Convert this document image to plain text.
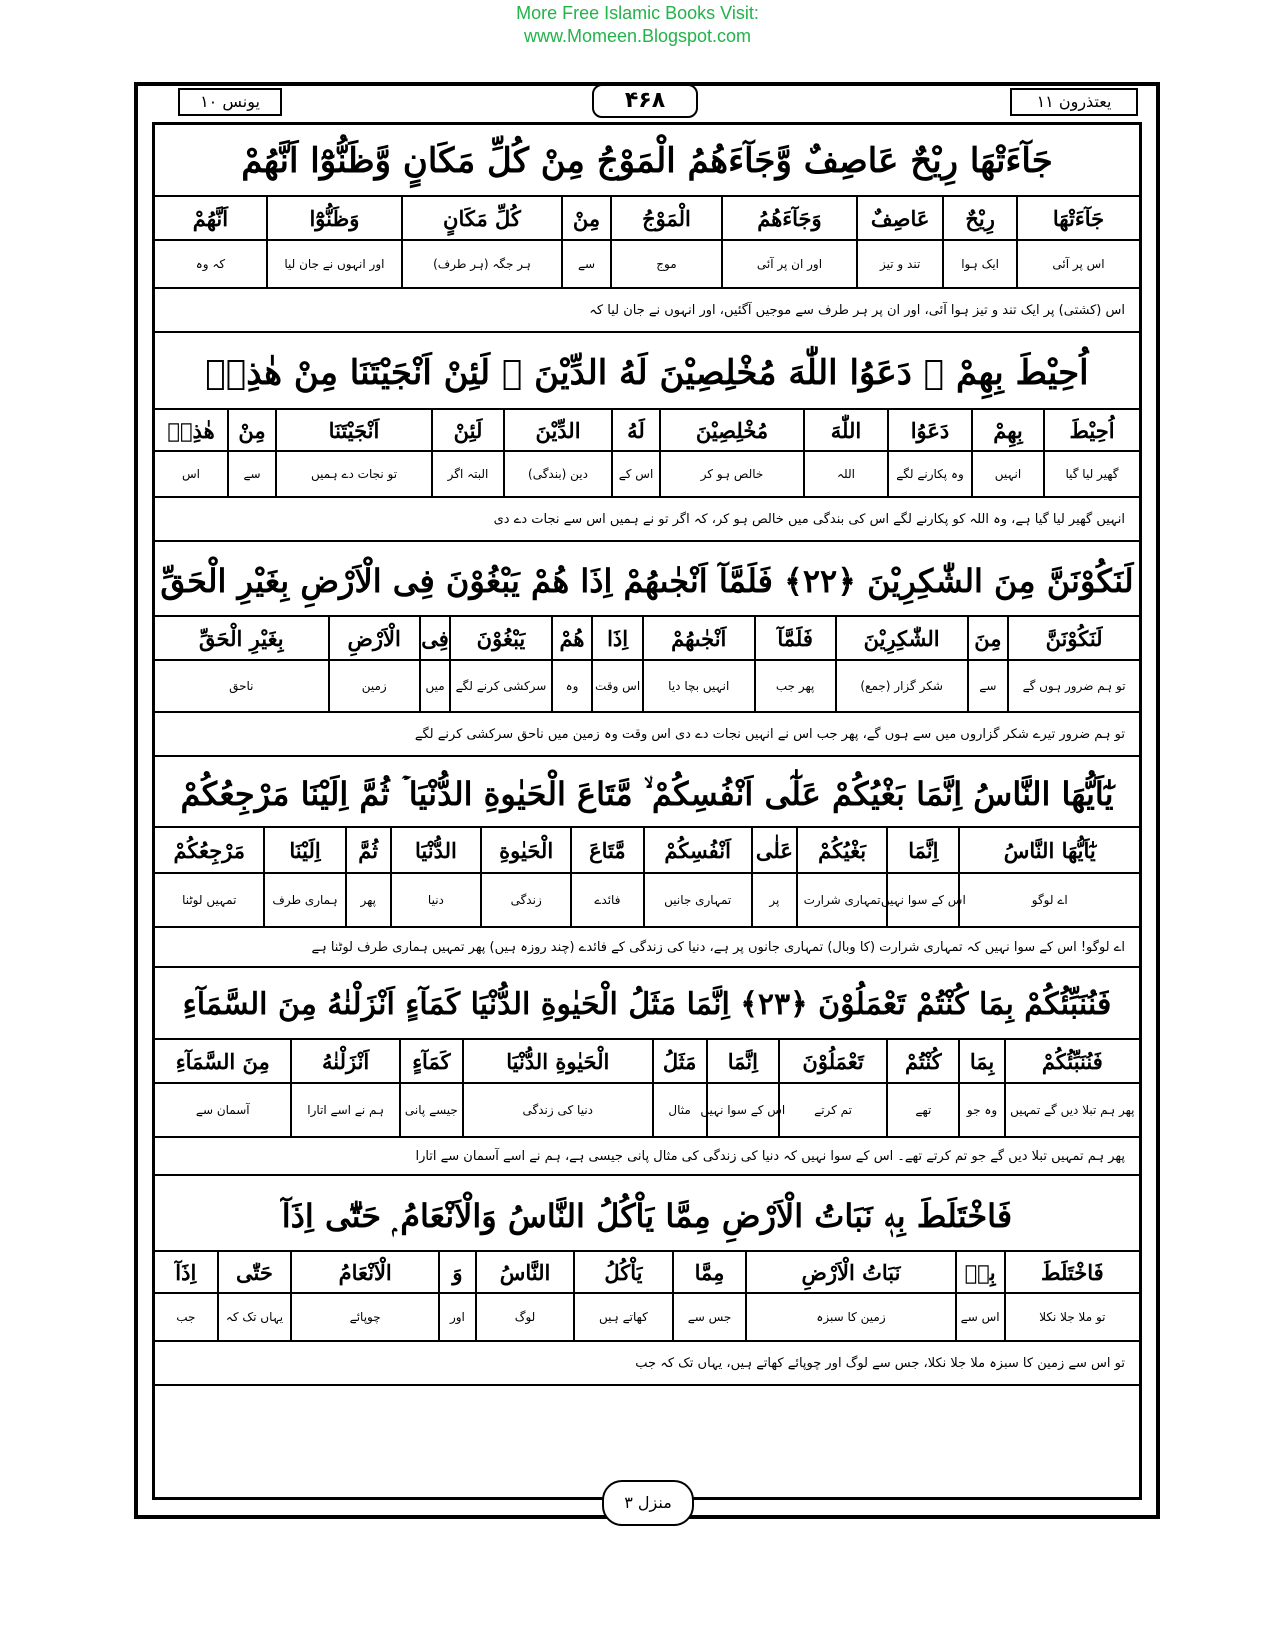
More Free Islamic Books Visit:
www.Momeen.Blogspot.com
یونس ۱۰	۴۶۸	یعتذرون ۱۱
جَآءَتْهَا رِيْحٌ عَاصِفٌ وَّجَآءَهُمُ الْمَوْجُ مِنْ كُلِّ مَكَانٍ وَّظَنُّوْٓا اَنَّهُمْ
جَآءَتْهَا
رِيْحٌ
عَاصِفٌ
وَجَآءَهُمُ
الْمَوْجُ
مِنْ
كُلِّ مَكَانٍ
وَظَنُّوْٓا
اَنَّهُمْ
اس پر آئی
ایک ہوا
تند و تیز
اور ان پر آئی
موج
سے
ہر جگہ (ہر طرف)
اور انہوں نے جان لیا
کہ وہ
اس (کشتی) پر ایک تند و تیز ہوا آئی، اور ان پر ہر طرف سے موجیں آگئیں، اور انہوں نے جان لیا کہ
اُحِيْطَ بِهِمْ ۙ دَعَوُا اللّٰهَ مُخْلِصِيْنَ لَهُ الدِّيْنَ ۚ لَئِنْ اَنْجَيْتَنَا مِنْ هٰذِهٖ
اُحِيْطَ
بِهِمْ
دَعَوُا
اللّٰهَ
مُخْلِصِيْنَ
لَهُ
الدِّيْنَ
لَئِنْ
اَنْجَيْتَنَا
مِنْ
هٰذِهٖ
گھیر لیا گیا
انہیں
وہ پکارنے لگے
اللہ
خالص ہو کر
اس کے
دین (بندگی)
البتہ اگر
تو نجات دے ہمیں
سے
اس
انہیں گھیر لیا گیا ہے، وہ اللہ کو پکارنے لگے اس کی بندگی میں خالص ہو کر، کہ اگر تو نے ہمیں اس سے نجات دے دی
لَنَكُوْنَنَّ مِنَ الشّٰكِرِيْنَ ﴿۲۲﴾ فَلَمَّآ اَنْجٰىهُمْ اِذَا هُمْ يَبْغُوْنَ فِى الْاَرْضِ بِغَيْرِ الْحَقِّ
لَنَكُوْنَنَّ
مِنَ
الشّٰكِرِيْنَ
فَلَمَّآ
اَنْجٰىهُمْ
اِذَا
هُمْ
يَبْغُوْنَ
فِى
الْاَرْضِ
بِغَيْرِ الْحَقِّ
تو ہم ضرور ہوں گے
سے
شکر گزار (جمع)
پھر جب
انہیں بچا دیا
اس وقت
وہ
سرکشی کرنے لگے
میں
زمین
ناحق
تو ہم ضرور تیرے شکر گزاروں میں سے ہوں گے، پھر جب اس نے انہیں نجات دے دی اس وقت وہ زمین میں ناحق سرکشی کرنے لگے
يٰٓاَيُّهَا النَّاسُ اِنَّمَا بَغْيُكُمْ عَلٰٓى اَنْفُسِكُمْ ۙ مَّتَاعَ الْحَيٰوةِ الدُّنْيَا ۡ ثُمَّ اِلَيْنَا مَرْجِعُكُمْ
يٰٓاَيُّهَا النَّاسُ
اِنَّمَا
بَغْيُكُمْ
عَلٰى
اَنْفُسِكُمْ
مَّتَاعَ
الْحَيٰوةِ
الدُّنْيَا
ثُمَّ
اِلَيْنَا
مَرْجِعُكُمْ
اے لوگو
اس کے سوا نہیں
تمہاری شرارت
پر
تمہاری جانیں
فائدے
زندگی
دنیا
پھر
ہماری طرف
تمہیں لوٹنا
اے لوگو! اس کے سوا نہیں کہ تمہاری شرارت (کا وبال) تمہاری جانوں پر ہے، دنیا کی زندگی کے فائدے (چند روزہ ہیں) پھر تمہیں ہماری طرف لوٹنا ہے
فَنُنَبِّئُكُمْ بِمَا كُنْتُمْ تَعْمَلُوْنَ ﴿۲۳﴾ اِنَّمَا مَثَلُ الْحَيٰوةِ الدُّنْيَا كَمَآءٍ اَنْزَلْنٰهُ مِنَ السَّمَآءِ
فَنُنَبِّئُكُمْ
بِمَا
كُنْتُمْ
تَعْمَلُوْنَ
اِنَّمَا
مَثَلُ
الْحَيٰوةِ الدُّنْيَا
كَمَآءٍ
اَنْزَلْنٰهُ
مِنَ السَّمَآءِ
پھر ہم تبلا دیں گے تمہیں
وہ جو
تھے
تم کرتے
اس کے سوا نہیں
مثال
دنیا کی زندگی
جیسے پانی
ہم نے اسے اتارا
آسمان سے
پھر ہم تمہیں تبلا دیں گے جو تم کرتے تھے۔ اس کے سوا نہیں کہ دنیا کی زندگی کی مثال پانی جیسی ہے، ہم نے اسے آسمان سے اتارا
فَاخْتَلَطَ بِهٖ نَبَاتُ الْاَرْضِ مِمَّا يَاْكُلُ النَّاسُ وَالْاَنْعَامُ ۭ حَتّٰٓى اِذَآ
فَاخْتَلَطَ
بِهٖ
نَبَاتُ الْاَرْضِ
مِمَّا
يَاْكُلُ
النَّاسُ
وَ
الْاَنْعَامُ
حَتّٰى
اِذَآ
تو ملا جلا نکلا
اس سے
زمین کا سبزہ
جس سے
کھاتے ہیں
لوگ
اور
چوپائے
یہاں تک کہ
جب
تو اس سے زمین کا سبزہ ملا جلا نکلا، جس سے لوگ اور چوپائے کھاتے ہیں، یہاں تک کہ جب
منزل ۳
